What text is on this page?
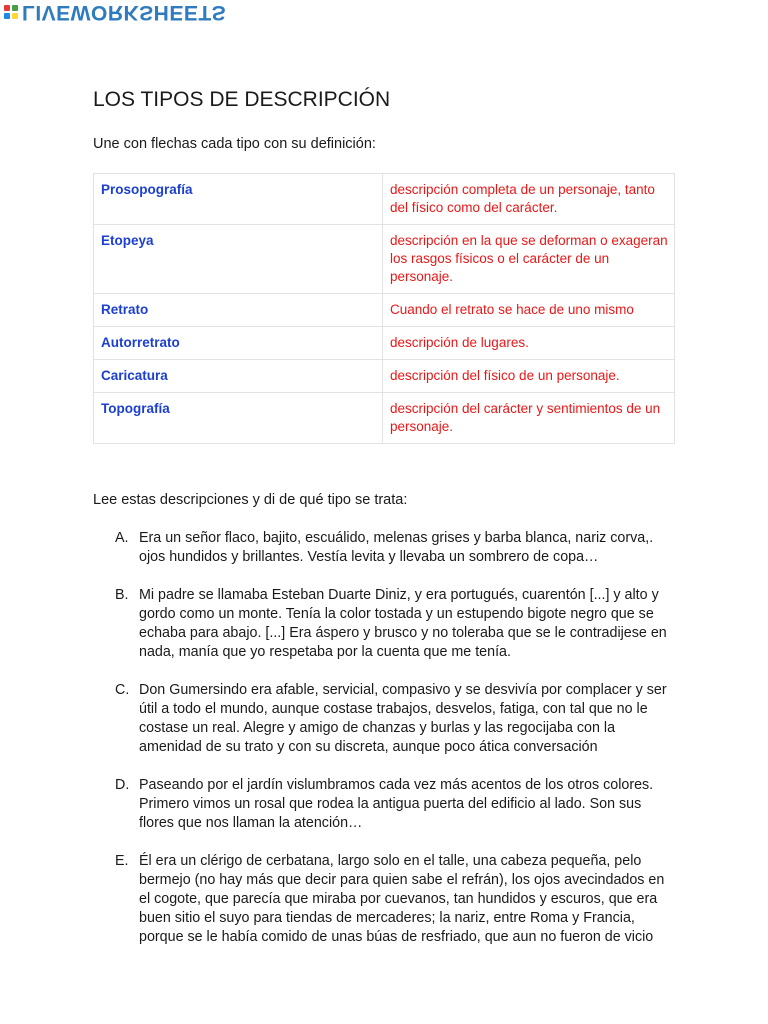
LIVEWORKSHEETS
LOS TIPOS DE DESCRIPCIÓN
Une con flechas cada tipo con su definición:
Prosopografía	descripción completa de un personaje, tanto del físico como del carácter.
Etopeya	descripción en la que se deforman o exageran los rasgos físicos o el carácter de un personaje.
Retrato	Cuando el retrato se hace de uno mismo
Autorretrato	descripción de lugares.
Caricatura	descripción del físico de un personaje.
Topografía	descripción del carácter y sentimientos de un personaje.
Lee estas descripciones y di de qué tipo se trata:
A. Era un señor flaco, bajito, escuálido, melenas grises y barba blanca, nariz corva,. ojos hundidos y brillantes. Vestía levita y llevaba un sombrero de copa…
B. Mi padre se llamaba Esteban Duarte Diniz, y era portugués, cuarentón [...] y alto y gordo como un monte. Tenía la color tostada y un estupendo bigote negro que se echaba para abajo. [...] Era áspero y brusco y no toleraba que se le contradijese en nada, manía que yo respetaba por la cuenta que me tenía.
C. Don Gumersindo era afable, servicial, compasivo y se desvivía por complacer y ser útil a todo el mundo, aunque costase trabajos, desvelos, fatiga, con tal que no le costase un real. Alegre y amigo de chanzas y burlas y las regocijaba con la amenidad de su trato y con su discreta, aunque poco ática conversación
D. Paseando por el jardín vislumbramos cada vez más acentos de los otros colores. Primero vimos un rosal que rodea la antigua puerta del edificio al lado. Son sus flores que nos llaman la atención…
E. Él era un clérigo de cerbatana, largo solo en el talle, una cabeza pequeña, pelo bermejo (no hay más que decir para quien sabe el refrán), los ojos avecindados en el cogote, que parecía que miraba por cuevanos, tan hundidos y escuros, que era buen sitio el suyo para tiendas de mercaderes; la nariz, entre Roma y Francia, porque se le había comido de unas búas de resfriado, que aun no fueron de vicio
